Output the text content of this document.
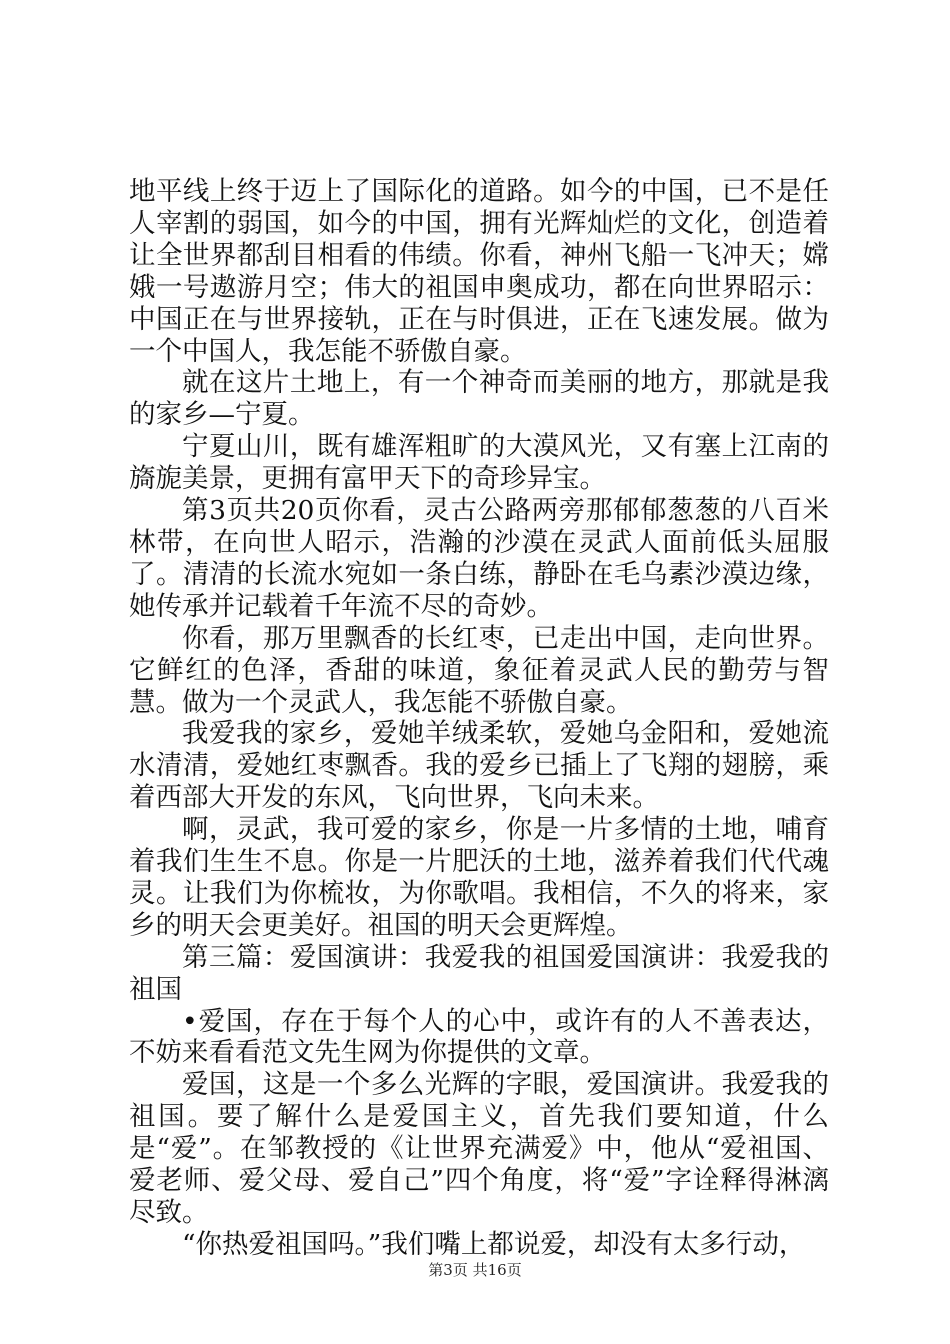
地平线上终于迈上了国际化的道路。如今的中国，已不是任人宰割的弱国，如今的中国，拥有光辉灿烂的文化，创造着让全世界都刮目相看的伟绩。你看，神州飞船一飞冲天；嫦娥一号遨游月空；伟大的祖国申奥成功，都在向世界昭示：中国正在与世界接轨，正在与时俱进，正在飞速发展。做为一个中国人，我怎能不骄傲自豪。

就在这片土地上，有一个神奇而美丽的地方，那就是我的家乡—宁夏。

宁夏山川，既有雄浑粗旷的大漠风光，又有塞上江南的旖旎美景，更拥有富甲天下的奇珍异宝。

第3页共20页你看，灵古公路两旁那郁郁葱葱的八百米林带，在向世人昭示，浩瀚的沙漠在灵武人面前低头屈服了。清清的长流水宛如一条白练，静卧在毛乌素沙漠边缘，她传承并记载着千年流不尽的奇妙。

你看，那万里飘香的长红枣，已走出中国，走向世界。它鲜红的色泽，香甜的味道，象征着灵武人民的勤劳与智慧。做为一个灵武人，我怎能不骄傲自豪。

我爱我的家乡，爱她羊绒柔软，爱她乌金阳和，爱她流水清清，爱她红枣飘香。我的爱乡已插上了飞翔的翅膀，乘着西部大开发的东风，飞向世界，飞向未来。

啊，灵武，我可爱的家乡，你是一片多情的土地，哺育着我们生生不息。你是一片肥沃的土地，滋养着我们代代魂灵。让我们为你梳妆，为你歌唱。我相信，不久的将来，家乡的明天会更美好。祖国的明天会更辉煌。

第三篇：爱国演讲：我爱我的祖国爱国演讲：我爱我的祖国

•爱国，存在于每个人的心中，或许有的人不善表达，不妨来看看范文先生网为你提供的文章。

爱国，这是一个多么光辉的字眼，爱国演讲。我爱我的祖国。要了解什么是爱国主义，首先我们要知道，什么是“爱”。在邹教授的《让世界充满爱》中，他从“爱祖国、爱老师、爱父母、爱自己”四个角度，将“爱”字诠释得淋漓尽致。

“你热爱祖国吗。”我们嘴上都说爱，却没有太多行动，

第3页 共16页
